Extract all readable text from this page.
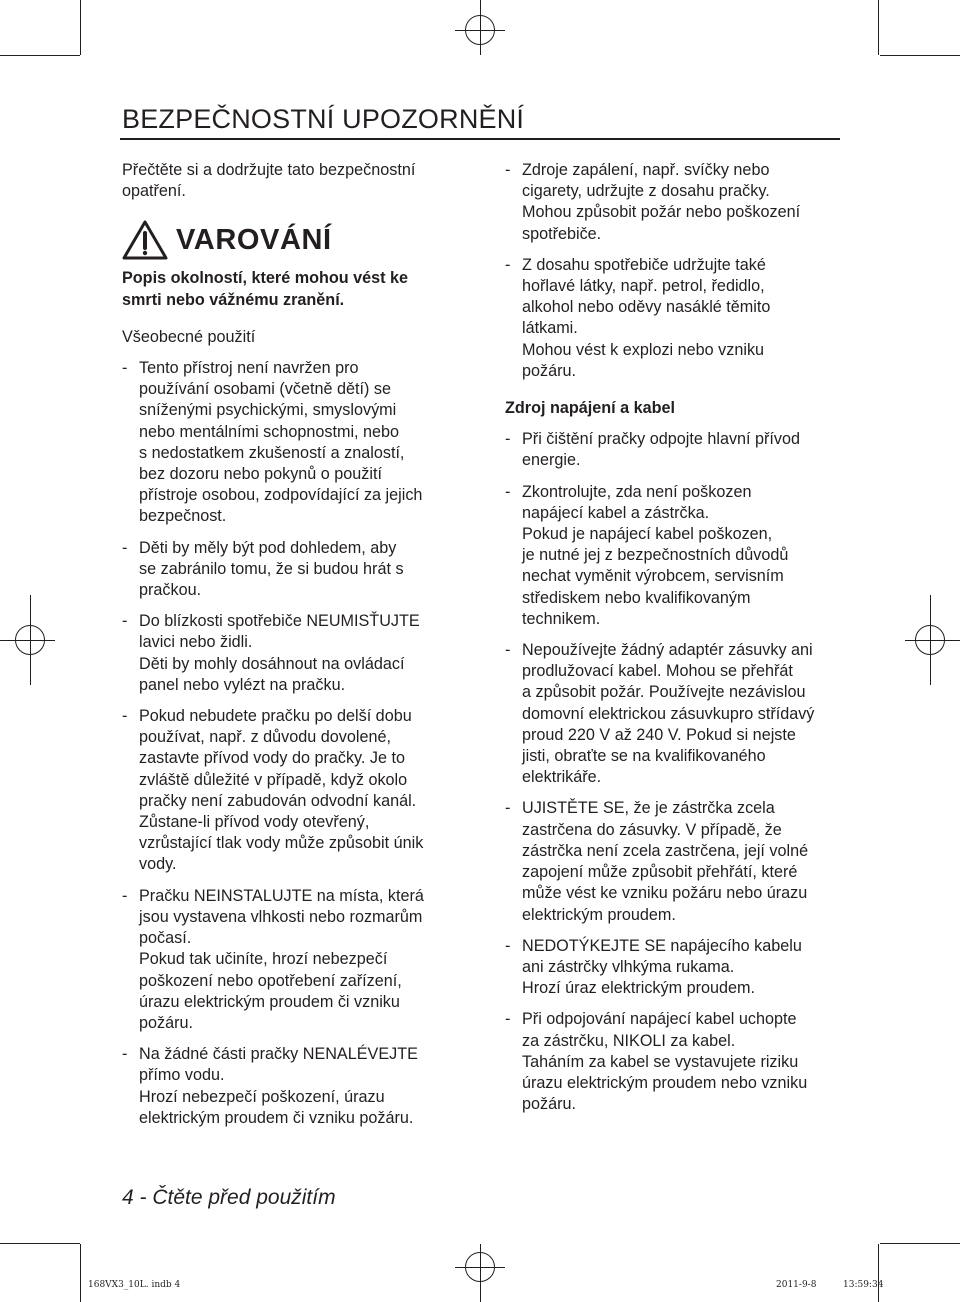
BEZPEČNOSTNÍ UPOZORNĚNÍ

Přečtěte si a dodržujte tato bezpečnostní

opatření.

VAROVÁNÍ

Popis okolností, které mohou vést ke

smrti nebo vážnému zranění.

Všeobecné použití

- Tento přístroj není navržen pro

používání osobami (včetně dětí) se

sníženými psychickými, smyslovými

nebo mentálními schopnostmi, nebo

s nedostatkem zkušeností a znalostí,

bez dozoru nebo pokynů o použití

přístroje osobou, zodpovídající za jejich

bezpečnost.

- Děti by měly být pod dohledem, aby

se zabránilo tomu, že si budou hrát s

pračkou.

- Do blízkosti spotřebiče NEUMISŤUJTE

lavici nebo židli.

Děti by mohly dosáhnout na ovládací

panel nebo vylézt na pračku.

- Pokud nebudete pračku po delší dobu

používat, např. z důvodu dovolené,

zastavte přívod vody do pračky. Je to

zvláště důležité v případě, když okolo

pračky není zabudován odvodní kanál.

Zůstane-li přívod vody otevřený,

vzrůstající tlak vody může způsobit únik

vody.

- Pračku NEINSTALUJTE na místa, která

jsou vystavena vlhkosti nebo rozmarům

počasí.

Pokud tak učiníte, hrozí nebezpečí

poškození nebo opotřebení zařízení,

úrazu elektrickým proudem či vzniku

požáru.

- Na žádné části pračky NENALÉVEJTE

přímo vodu.

Hrozí nebezpečí poškození, úrazu

elektrickým proudem či vzniku požáru.

- Zdroje zapálení, např. svíčky nebo

cigarety, udržujte z dosahu pračky.

Mohou způsobit požár nebo poškození

spotřebiče.

- Z dosahu spotřebiče udržujte také

hořlavé látky, např. petrol, ředidlo,

alkohol nebo oděvy nasáklé těmito

látkami.

Mohou vést k explozi nebo vzniku

požáru.

Zdroj napájení a kabel

- Při čištění pračky odpojte hlavní přívod

energie.

- Zkontrolujte, zda není poškozen

napájecí kabel a zástrčka.

Pokud je napájecí kabel poškozen,

je nutné jej z bezpečnostních důvodů

nechat vyměnit výrobcem, servisním

střediskem nebo kvalifikovaným

technikem.

- Nepoužívejte žádný adaptér zásuvky ani

prodlužovací kabel. Mohou se přehřát

a způsobit požár. Používejte nezávislou

domovní elektrickou zásuvkupro střídavý

proud 220 V až 240 V. Pokud si nejste

jisti, obraťte se na kvalifikovaného

elektrikáře.

- UJISTĚTE SE, že je zástrčka zcela

zastrčena do zásuvky. V případě, že

zástrčka není zcela zastrčena, její volné

zapojení může způsobit přehřátí, které

může vést ke vzniku požáru nebo úrazu

elektrickým proudem.

- NEDOTÝKEJTE SE napájecího kabelu

ani zástrčky vlhkýma rukama.

Hrozí úraz elektrickým proudem.

- Při odpojování napájecí kabel uchopte

za zástrčku, NIKOLI za kabel.

Taháním za kabel se vystavujete riziku

úrazu elektrickým proudem nebo vzniku

požáru.

4 - Čtěte před použitím
168VX3_10L. indb 4	2011-9-8	13:59:34
